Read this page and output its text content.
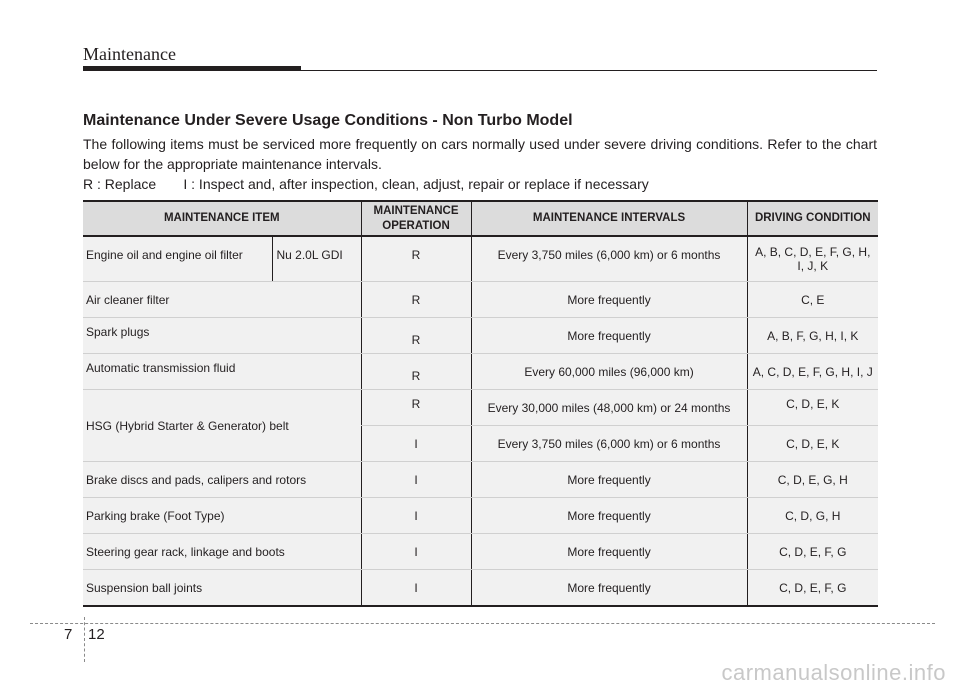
Maintenance
Maintenance Under Severe Usage Conditions - Non Turbo Model
The following items must be serviced more frequently on cars normally used under severe driving conditions. Refer to the chart below for the appropriate maintenance intervals.
R : Replace       I : Inspect and, after inspection, clean, adjust, repair or replace if necessary
MAINTENANCE ITEM		MAINTENANCE OPERATION	MAINTENANCE INTERVALS	DRIVING CONDITION
Engine oil and engine oil filter	Nu 2.0L GDI	R	Every 3,750 miles (6,000 km) or 6 months	A, B, C, D, E, F, G, H, I, J, K
Air cleaner filter		R	More frequently	C, E
Spark plugs		R	More frequently	A, B, F, G, H, I, K
Automatic transmission fluid		R	Every 60,000 miles (96,000 km)	A, C, D, E, F, G, H, I, J
HSG (Hybrid Starter & Generator) belt		R	Every 30,000 miles (48,000 km) or 24 months	C, D, E, K
		I	Every 3,750 miles (6,000 km) or 6 months	C, D, E, K
Brake discs and pads, calipers and rotors		I	More frequently	C, D, E, G, H
Parking brake (Foot Type)		I	More frequently	C, D, G, H
Steering gear rack, linkage and boots		I	More frequently	C, D, E, F, G
Suspension ball joints		I	More frequently	C, D, E, F, G
7 12
carmanualsonline.info
